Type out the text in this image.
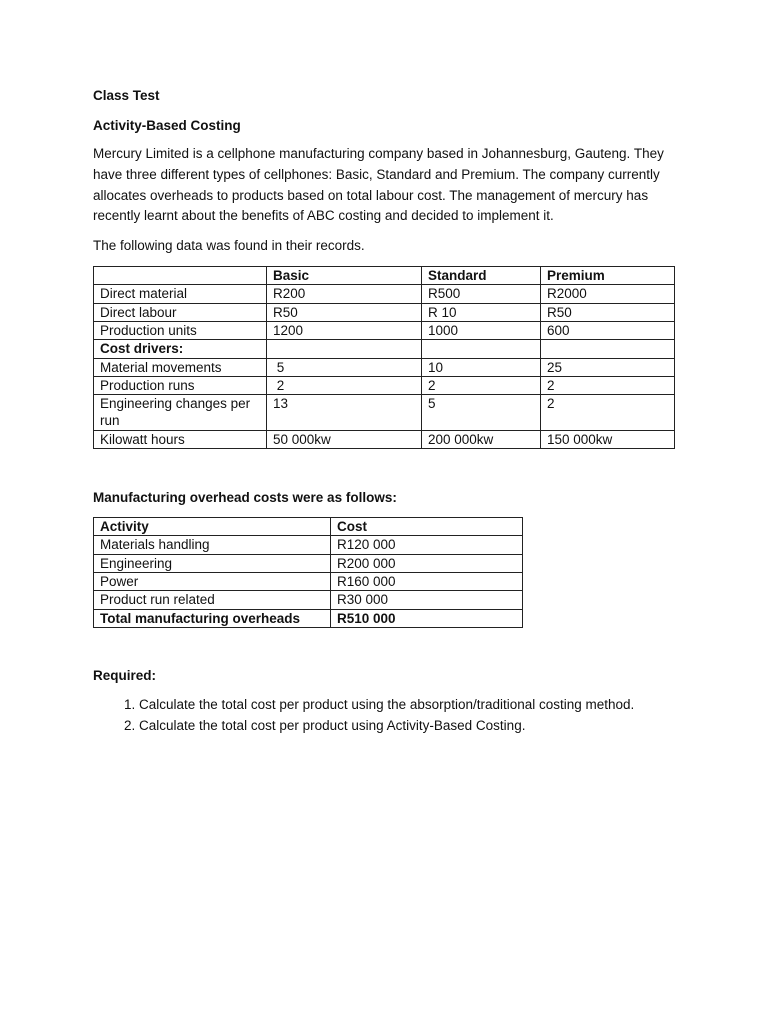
Class Test
Activity-Based Costing

Mercury Limited is a cellphone manufacturing company based in Johannesburg, Gauteng. They have three different types of cellphones: Basic, Standard and Premium. The company currently allocates overheads to products based on total labour cost. The management of mercury has recently learnt about the benefits of ABC costing and decided to implement it.

The following data was found in their records.

	Basic	Standard	Premium
Direct material	R200	R500	R2000
Direct labour	R50	R 10	R50
Production units	1200	1000	600
Cost drivers:			
Material movements	5	10	25
Production runs	2	2	2
Engineering changes per run	13	5	2
Kilowatt hours	50 000kw	200 000kw	150 000kw
Manufacturing overhead costs were as follows:
Activity	Cost
Materials handling	R120 000
Engineering	R200 000
Power	R160 000
Product run related	R30 000
Total manufacturing overheads	R510 000
Required:
1. Calculate the total cost per product using the absorption/traditional costing method.
2. Calculate the total cost per product using Activity-Based Costing.
